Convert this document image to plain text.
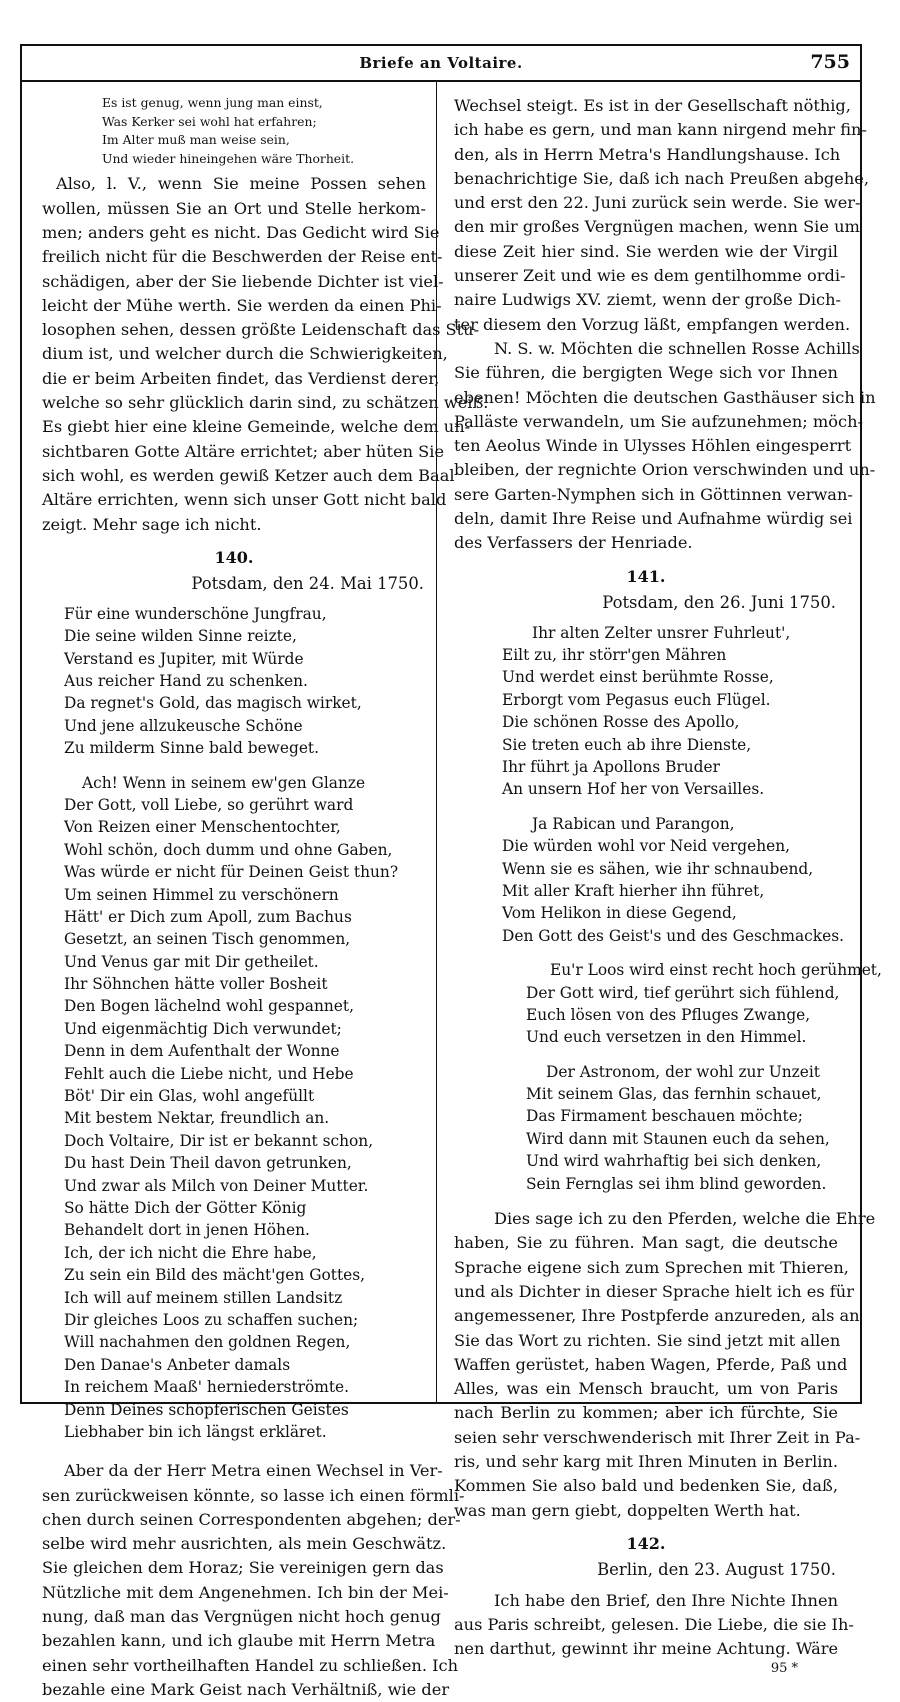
Briefe an Voltaire.	755
Es ist genug, wenn jung man einst,
Was Kerker sei wohl hat erfahren;
Im Alter muß man weise sein,
Und wieder hineingehen wäre Thorheit.
Also, l. V., wenn Sie meine Possen sehen
wollen, müssen Sie an Ort und Stelle herkom-
men; anders geht es nicht. Das Gedicht wird Sie
freilich nicht für die Beschwerden der Reise ent-
schädigen, aber der Sie liebende Dichter ist viel-
leicht der Mühe werth. Sie werden da einen Phi-
losophen sehen, dessen größte Leidenschaft das Stu-
dium ist, und welcher durch die Schwierigkeiten,
die er beim Arbeiten findet, das Verdienst derer,
welche so sehr glücklich darin sind, zu schätzen weiß.
Es giebt hier eine kleine Gemeinde, welche dem un-
sichtbaren Gotte Altäre errichtet; aber hüten Sie
sich wohl, es werden gewiß Ketzer auch dem Baal
Altäre errichten, wenn sich unser Gott nicht bald
zeigt. Mehr sage ich nicht.
140.
Potsdam, den 24. Mai 1750.
Für eine wunderschöne Jungfrau,
Die seine wilden Sinne reizte,
Verstand es Jupiter, mit Würde
Aus reicher Hand zu schenken.
Da regnet's Gold, das magisch wirket,
Und jene allzukeusche Schöne
Zu milderm Sinne bald beweget.
Ach! Wenn in seinem ew'gen Glanze
Der Gott, voll Liebe, so gerührt ward
Von Reizen einer Menschentochter,
Wohl schön, doch dumm und ohne Gaben,
Was würde er nicht für Deinen Geist thun?
Um seinen Himmel zu verschönern
Hätt' er Dich zum Apoll, zum Bachus
Gesetzt, an seinen Tisch genommen,
Und Venus gar mit Dir getheilet.
Ihr Söhnchen hätte voller Bosheit
Den Bogen lächelnd wohl gespannet,
Und eigenmächtig Dich verwundet;
Denn in dem Aufenthalt der Wonne
Fehlt auch die Liebe nicht, und Hebe
Böt' Dir ein Glas, wohl angefüllt
Mit bestem Nektar, freundlich an.
Doch Voltaire, Dir ist er bekannt schon,
Du hast Dein Theil davon getrunken,
Und zwar als Milch von Deiner Mutter.
So hätte Dich der Götter König
Behandelt dort in jenen Höhen.
Ich, der ich nicht die Ehre habe,
Zu sein ein Bild des mächt'gen Gottes,
Ich will auf meinem stillen Landsitz
Dir gleiches Loos zu schaffen suchen;
Will nachahmen den goldnen Regen,
Den Danae's Anbeter damals
In reichem Maaß' herniederströmte.
Denn Deines schöpferischen Geistes
Liebhaber bin ich längst erkläret.
Aber da der Herr Metra einen Wechsel in Ver-
sen zurückweisen könnte, so lasse ich einen förmli-
chen durch seinen Correspondenten abgehen; der-
selbe wird mehr ausrichten, als mein Geschwätz.
Sie gleichen dem Horaz; Sie vereinigen gern das
Nützliche mit dem Angenehmen. Ich bin der Mei-
nung, daß man das Vergnügen nicht hoch genug
bezahlen kann, und ich glaube mit Herrn Metra
einen sehr vortheilhaften Handel zu schließen. Ich
bezahle eine Mark Geist nach Verhältniß, wie der
Wechsel steigt. Es ist in der Gesellschaft nöthig,
ich habe es gern, und man kann nirgend mehr fin-
den, als in Herrn Metra's Handlungshause. Ich
benachrichtige Sie, daß ich nach Preußen abgehe,
und erst den 22. Juni zurück sein werde. Sie wer-
den mir großes Vergnügen machen, wenn Sie um
diese Zeit hier sind. Sie werden wie der Virgil
unserer Zeit und wie es dem gentilhomme ordi-
naire Ludwigs XV. ziemt, wenn der große Dich-
ter diesem den Vorzug läßt, empfangen werden.
N. S. w. Möchten die schnellen Rosse Achills
Sie führen, die bergigten Wege sich vor Ihnen
ebenen! Möchten die deutschen Gasthäuser sich in
Palläste verwandeln, um Sie aufzunehmen; möch-
ten Aeolus Winde in Ulysses Höhlen eingesperrt
bleiben, der regnichte Orion verschwinden und un-
sere Garten-Nymphen sich in Göttinnen verwan-
deln, damit Ihre Reise und Aufnahme würdig sei
des Verfassers der Henriade.
141.
Potsdam, den 26. Juni 1750.
Ihr alten Zelter unsrer Fuhrleut',
Eilt zu, ihr störr'gen Mähren
Und werdet einst berühmte Rosse,
Erborgt vom Pegasus euch Flügel.
Die schönen Rosse des Apollo,
Sie treten euch ab ihre Dienste,
Ihr führt ja Apollons Bruder
An unsern Hof her von Versailles.
Ja Rabican und Parangon,
Die würden wohl vor Neid vergehen,
Wenn sie es sähen, wie ihr schnaubend,
Mit aller Kraft hierher ihn führet,
Vom Helikon in diese Gegend,
Den Gott des Geist's und des Geschmackes.
Eu'r Loos wird einst recht hoch gerühmet,
Der Gott wird, tief gerührt sich fühlend,
Euch lösen von des Pfluges Zwange,
Und euch versetzen in den Himmel.
Der Astronom, der wohl zur Unzeit
Mit seinem Glas, das fernhin schauet,
Das Firmament beschauen möchte;
Wird dann mit Staunen euch da sehen,
Und wird wahrhaftig bei sich denken,
Sein Fernglas sei ihm blind geworden.
Dies sage ich zu den Pferden, welche die Ehre
haben, Sie zu führen. Man sagt, die deutsche
Sprache eigene sich zum Sprechen mit Thieren,
und als Dichter in dieser Sprache hielt ich es für
angemessener, Ihre Postpferde anzureden, als an
Sie das Wort zu richten. Sie sind jetzt mit allen
Waffen gerüstet, haben Wagen, Pferde, Paß und
Alles, was ein Mensch braucht, um von Paris
nach Berlin zu kommen; aber ich fürchte, Sie
seien sehr verschwenderisch mit Ihrer Zeit in Pa-
ris, und sehr karg mit Ihren Minuten in Berlin.
Kommen Sie also bald und bedenken Sie, daß,
was man gern giebt, doppelten Werth hat.
142.
Berlin, den 23. August 1750.
Ich habe den Brief, den Ihre Nichte Ihnen
aus Paris schreibt, gelesen. Die Liebe, die sie Ih-
nen darthut, gewinnt ihr meine Achtung. Wäre
95 *
